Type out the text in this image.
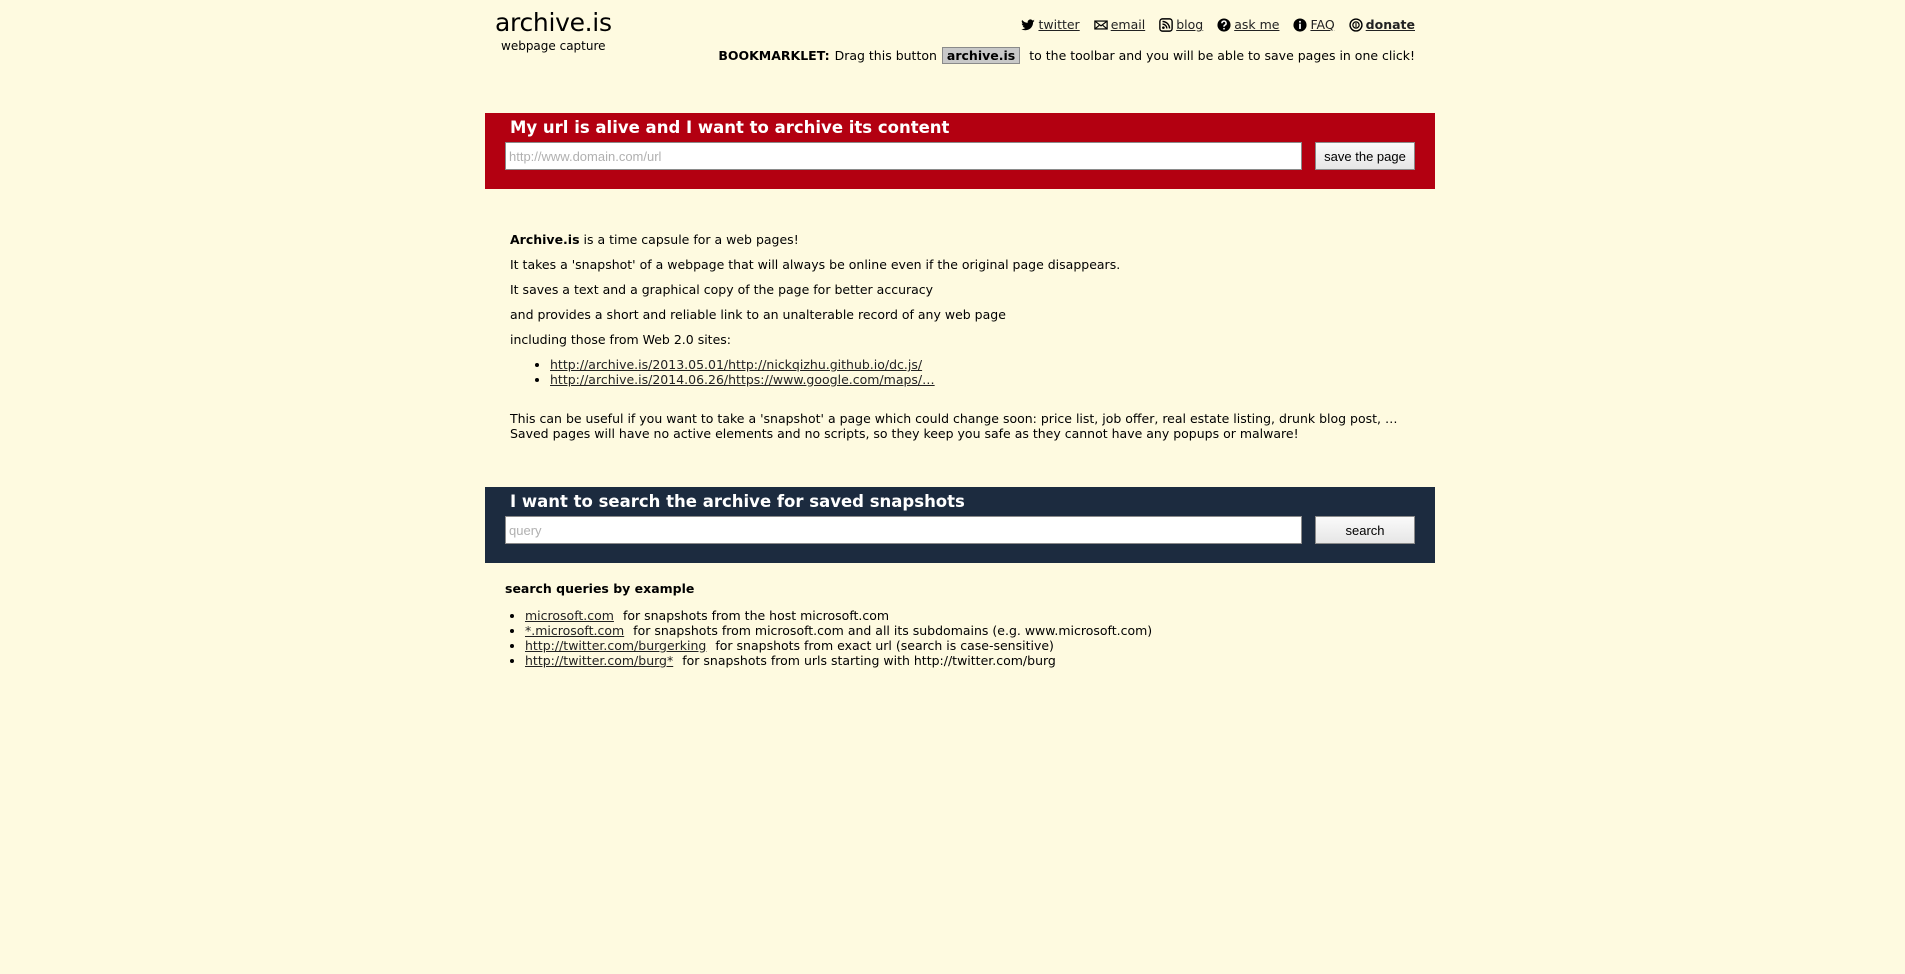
archive.is
webpage capture
twitter email blog ask me FAQ donate
BOOKMARKLET: Drag this button archive.is	to the toolbar and you will be able to save pages in one click!
My url is alive and I want to archive its content
http://www.domain.com/url
save the page

Archive.is is a time capsule for a web pages!

It takes a 'snapshot' of a webpage that will always be online even if the original page disappears.

It saves a text and a graphical copy of the page for better accuracy

and provides a short and reliable link to an unalterable record of any web page

including those from Web 2.0 sites:

• http://archive.is/2013.05.01/http://nickqizhu.github.io/dc.js/
• http://archive.is/2014.06.26/https://www.google.com/maps/…

This can be useful if you want to take a 'snapshot' a page which could change soon: price list, job offer, real estate listing, drunk blog post, …

Saved pages will have no active elements and no scripts, so they keep you safe as they cannot have any popups or malware!

I want to search the archive for saved snapshots
query
search
search queries by example
• microsoft.com for snapshots from the host microsoft.com
• *.microsoft.com for snapshots from microsoft.com and all its subdomains (e.g. www.microsoft.com)
• http://twitter.com/burgerking for snapshots from exact url (search is case-sensitive)
• http://twitter.com/burg* for snapshots from urls starting with http://twitter.com/burg
